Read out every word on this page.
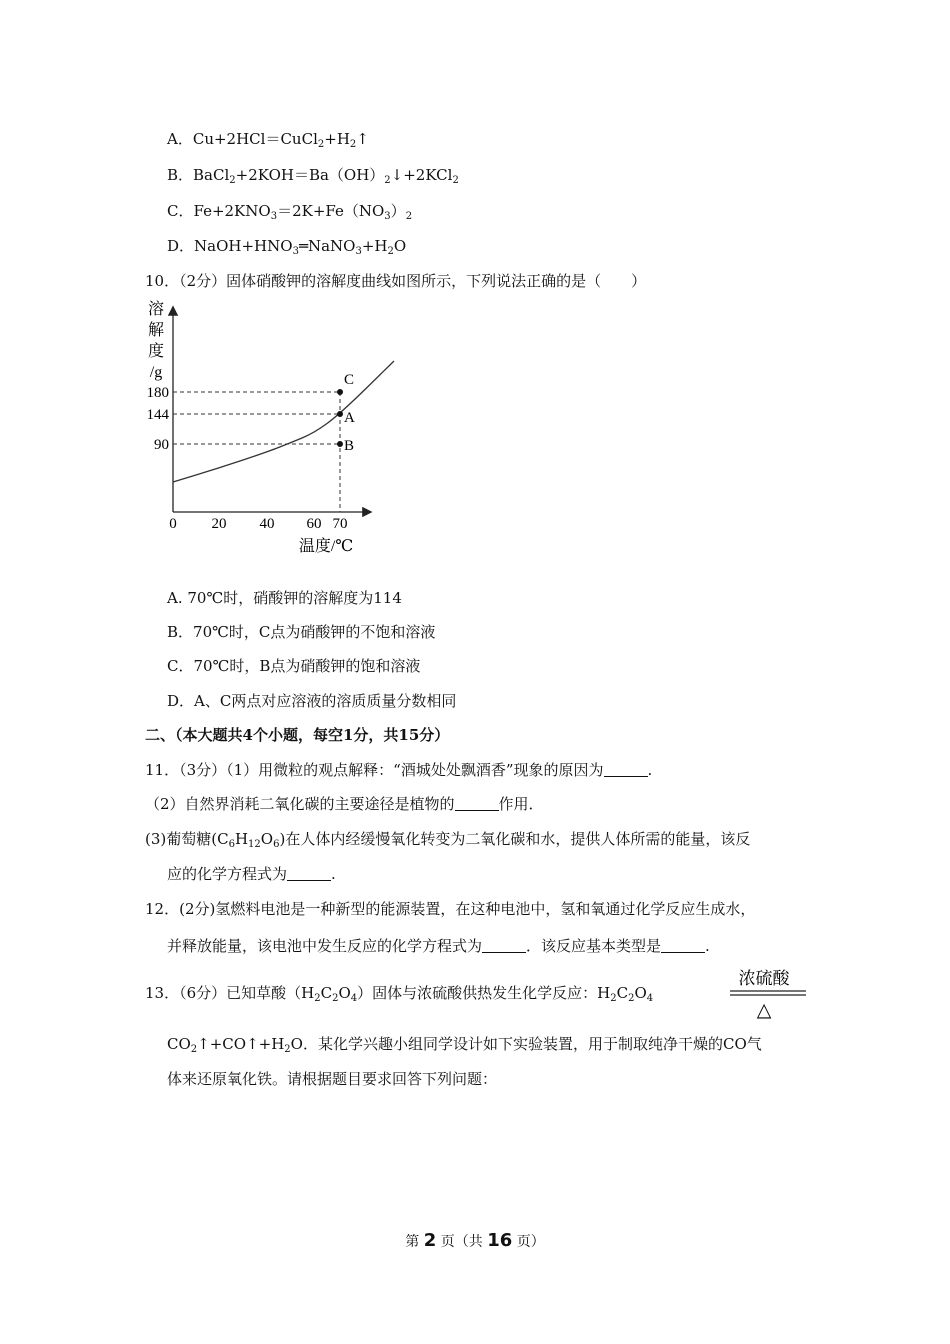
A．$Cu+2HCl=CuCl_2+H_2↑$
B．$BaCl_2+2KOH=Ba(OH)_2↓+2KCl_2$
C．$Fe+2KNO_3=2K+Fe(NO_3)_2$
D．$NaOH+HNO_3═NaNO_3+H_2O$
10．（2分）固体硝酸钾的溶解度曲线如图所示，下列说法正确的是（　　）
溶
解
度
/g
0 20 40 60 70
180
144
90
C
A
B
温度/℃
A. 70℃时，硝酸钾的溶解度为114
B．70℃时，C点为硝酸钾的不饱和溶液
C．70℃时，B点为硝酸钾的饱和溶液
D．A、C两点对应溶液的溶质质量分数相同
二、（本大题共4个小题，每空1分，共15分）
11．（3分）（1）用微粒的观点解释：“酒城处处飘酒香”现象的原因为	.
（2）自然界消耗二氧化碳的主要途径是植物的	作用．
(3)葡萄糖$(C_6H_{12}O_6)$在人体内经缓慢氧化转变为二氧化碳和水，提供人体所需的能量，该反
应的化学方程式为	.
12．(2分)氢燃料电池是一种新型的能源装置，在这种电池中，氢和氧通过化学反应生成水，
并释放能量，该电池中发生反应的化学方程式为	．该反应基本类型是	.
13．（6分）已知草酸$(H_2C_2O_4)$固体与浓硫酸供热发生化学反应：$H_2C_2O_4$
浓硫酸
△
$CO_2↑+CO↑+H_2O$．某化学兴趣小组同学设计如下实验装置，用于制取纯净干燥的CO气
体来还原氧化铁。请根据题目要求回答下列问题：
第 2 页（共 16 页）
